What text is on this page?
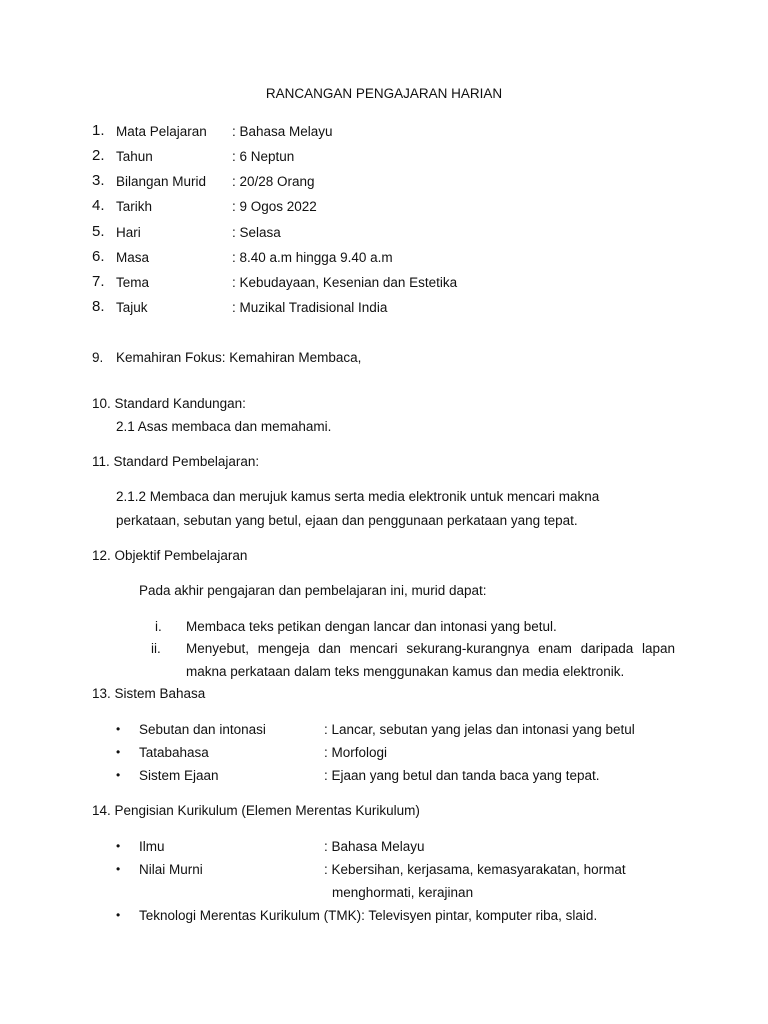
RANCANGAN PENGAJARAN HARIAN
1. Mata Pelajaran : Bahasa Melayu
2. Tahun	: 6 Neptun
3. Bilangan Murid : 20/28 Orang
4. Tarikh	: 9 Ogos 2022
5. Hari	: Selasa
6. Masa	: 8.40 a.m hingga 9.40 a.m
7. Tema	: Kebudayaan, Kesenian dan Estetika
8. Tajuk	: Muzikal Tradisional India
9. Kemahiran Fokus: Kemahiran Membaca,
10. Standard Kandungan:
2.1 Asas membaca dan memahami.
11. Standard Pembelajaran:
2.1.2 Membaca dan merujuk kamus serta media elektronik untuk mencari makna
perkataan, sebutan yang betul, ejaan dan penggunaan perkataan yang tepat.
12. Objektif Pembelajaran
Pada akhir pengajaran dan pembelajaran ini, murid dapat:
i. Membaca teks petikan dengan lancar dan intonasi yang betul.
ii. Menyebut, mengeja dan mencari sekurang-kurangnya enam daripada lapan
makna perkataan dalam teks menggunakan kamus dan media elektronik.
13. Sistem Bahasa
• Sebutan dan intonasi	: Lancar, sebutan yang jelas dan intonasi yang betul
• Tatabahasa	: Morfologi
• Sistem Ejaan	: Ejaan yang betul dan tanda baca yang tepat.
14. Pengisian Kurikulum (Elemen Merentas Kurikulum)
• Ilmu	: Bahasa Melayu
• Nilai Murni	: Kebersihan, kerjasama, kemasyarakatan, hormat
menghormati, kerajinan
• Teknologi Merentas Kurikulum (TMK): Televisyen pintar, komputer riba, slaid.
